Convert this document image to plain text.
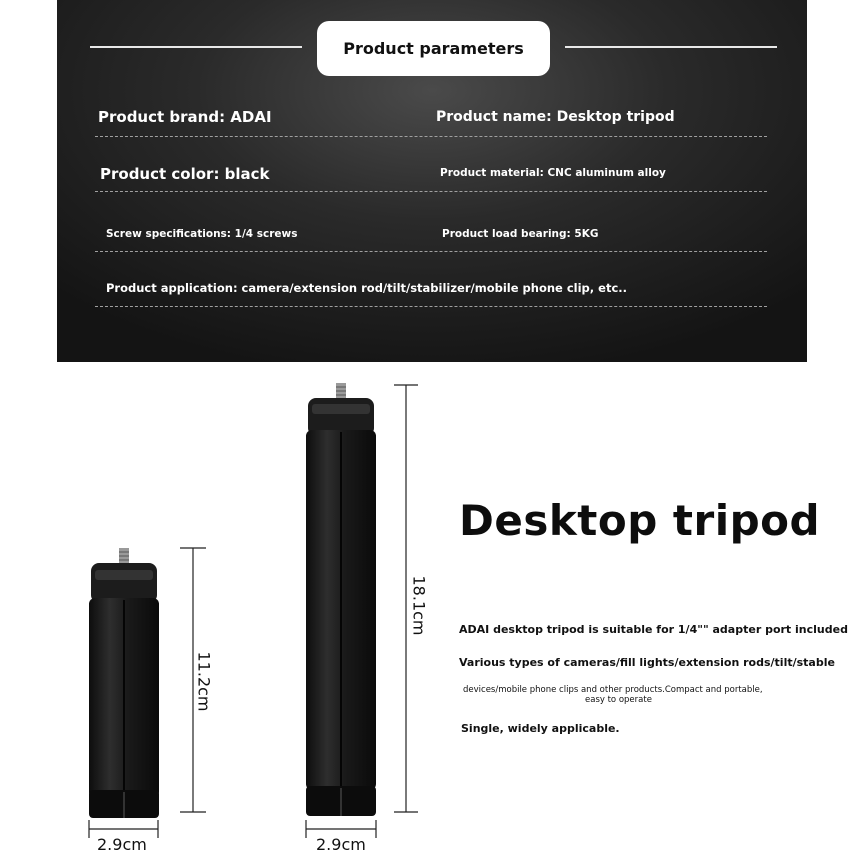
Product parameters
Product brand: ADAI	Product name: Desktop tripod
Product color: black	Product material: CNC aluminum alloy
Screw specifications: 1/4 screws	Product load bearing: 5KG
Product application: camera/extension rod/tilt/stabilizer/mobile phone clip, etc..
11.2cm
18.1cm
2.9cm	2.9cm
Desktop tripod
ADAI desktop tripod is suitable for 1/4"" adapter port included
Various types of cameras/fill lights/extension rods/tilt/stable
devices/mobile phone clips and other products.Compact and portable,
easy to operate
Single, widely applicable.
